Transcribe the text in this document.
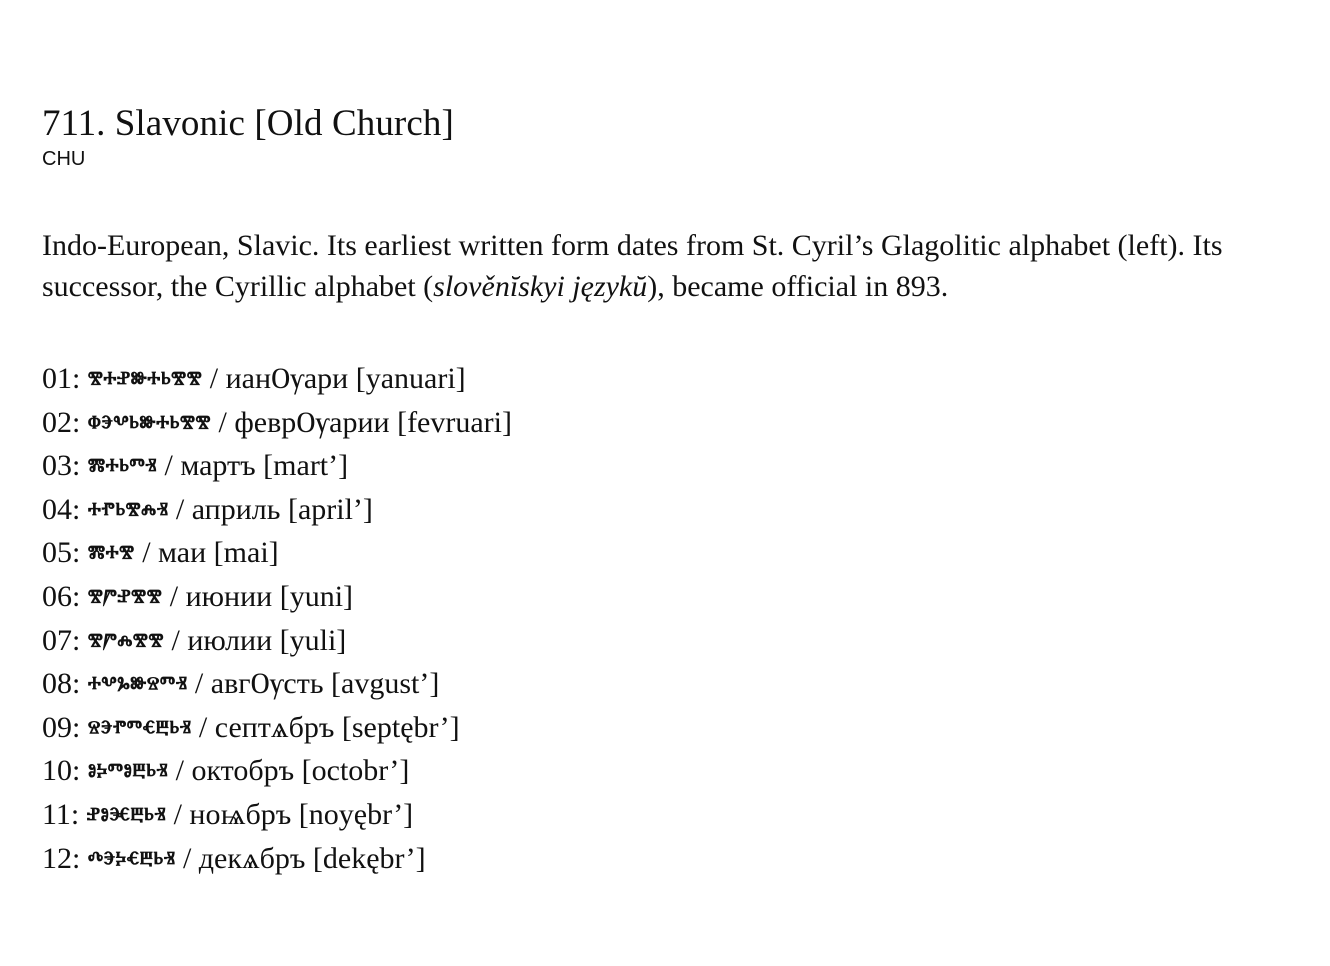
711. Slavonic [Old Church]
CHU

Indo-European, Slavic. Its earliest written form dates from St. Cyril’s Glagolitic alphabet (left). Its successor, the Cyrillic alphabet (slověnĭskyi językŭ), became official in 893.

01: ⰺⰰⱀⱆⰰⱃⰺⰺ / ианѸари [yanuari]
02: ⱇⰵⰲⱃⱆⰰⱃⰺⰺ / феврѸарии [fevruari]
03: ⰿⰰⱃⱅⱐ / мартъ [mart’]
04: ⰰⱂⱃⰺⰾⱐ / априль [april’]
05: ⰿⰰⰺ / маи [mai]
06: ⰺⱓⱀⰺⰺ / июнии [yuni]
07: ⰺⱓⰾⰺⰺ / июлии [yuli]
08: ⰰⰲⰳⱆⱄⱅⱐ / авгѸсть [avgust’]
09: ⱄⰵⱂⱅⱔⰱⱃⱐ / септѧбръ [septębr’]
10: ⱁⰽⱅⱁⰱⱃⱐ / октобръ [octobr’]
11: ⱀⱁⱗⰱⱃⱐ / ноѩбръ [noyębr’]
12: ⰴⰵⰽⱔⰱⱃⱐ / декѧбръ [dekębr’]
